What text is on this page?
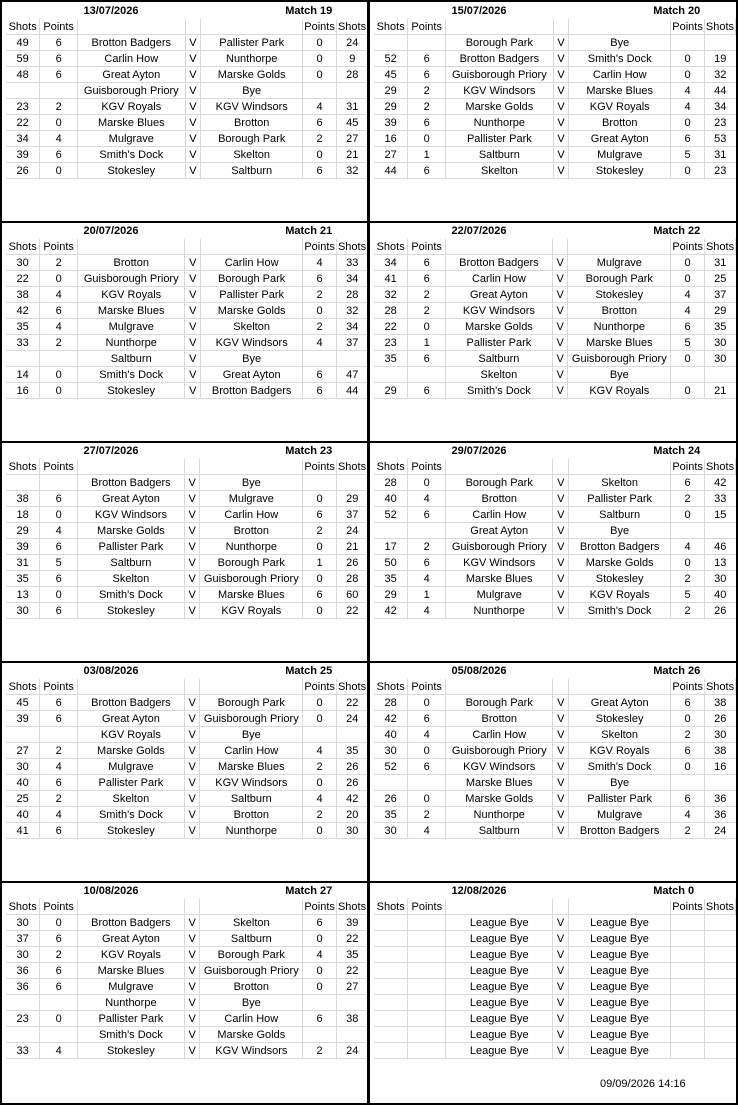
13/07/2026	Match 19
Shots	Points				Points	Shots
49	6	Brotton Badgers	V	Pallister Park	0	24
59	6	Carlin How	V	Nunthorpe	0	9
48	6	Great Ayton	V	Marske Golds	0	28
		Guisborough Priory	V	Bye		
23	2	KGV Royals	V	KGV Windsors	4	31
22	0	Marske Blues	V	Brotton	6	45
34	4	Mulgrave	V	Borough Park	2	27
39	6	Smith's Dock	V	Skelton	0	21
26	0	Stokesley	V	Saltburn	6	32
15/07/2026	Match 20
Shots	Points				Points	Shots
		Borough Park	V	Bye		
52	6	Brotton Badgers	V	Smith's Dock	0	19
45	6	Guisborough Priory	V	Carlin How	0	32
29	2	KGV Windsors	V	Marske Blues	4	44
29	2	Marske Golds	V	KGV Royals	4	34
39	6	Nunthorpe	V	Brotton	0	23
16	0	Pallister Park	V	Great Ayton	6	53
27	1	Saltburn	V	Mulgrave	5	31
44	6	Skelton	V	Stokesley	0	23
20/07/2026	Match 21
Shots	Points				Points	Shots
30	2	Brotton	V	Carlin How	4	33
22	0	Guisborough Priory	V	Borough Park	6	34
38	4	KGV Royals	V	Pallister Park	2	28
42	6	Marske Blues	V	Marske Golds	0	32
35	4	Mulgrave	V	Skelton	2	34
33	2	Nunthorpe	V	KGV Windsors	4	37
		Saltburn	V	Bye		
14	0	Smith's Dock	V	Great Ayton	6	47
16	0	Stokesley	V	Brotton Badgers	6	44
22/07/2026	Match 22
Shots	Points				Points	Shots
34	6	Brotton Badgers	V	Mulgrave	0	31
41	6	Carlin How	V	Borough Park	0	25
32	2	Great Ayton	V	Stokesley	4	37
28	2	KGV Windsors	V	Brotton	4	29
22	0	Marske Golds	V	Nunthorpe	6	35
23	1	Pallister Park	V	Marske Blues	5	30
35	6	Saltburn	V	Guisborough Priory	0	30
		Skelton	V	Bye		
29	6	Smith's Dock	V	KGV Royals	0	21
27/07/2026	Match 23
Shots	Points				Points	Shots
		Brotton Badgers	V	Bye		
38	6	Great Ayton	V	Mulgrave	0	29
18	0	KGV Windsors	V	Carlin How	6	37
29	4	Marske Golds	V	Brotton	2	24
39	6	Pallister Park	V	Nunthorpe	0	21
31	5	Saltburn	V	Borough Park	1	26
35	6	Skelton	V	Guisborough Priory	0	28
13	0	Smith's Dock	V	Marske Blues	6	60
30	6	Stokesley	V	KGV Royals	0	22
29/07/2026	Match 24
Shots	Points				Points	Shots
28	0	Borough Park	V	Skelton	6	42
40	4	Brotton	V	Pallister Park	2	33
52	6	Carlin How	V	Saltburn	0	15
		Great Ayton	V	Bye		
17	2	Guisborough Priory	V	Brotton Badgers	4	46
50	6	KGV Windsors	V	Marske Golds	0	13
35	4	Marske Blues	V	Stokesley	2	30
29	1	Mulgrave	V	KGV Royals	5	40
42	4	Nunthorpe	V	Smith's Dock	2	26
03/08/2026	Match 25
Shots	Points				Points	Shots
45	6	Brotton Badgers	V	Borough Park	0	22
39	6	Great Ayton	V	Guisborough Priory	0	24
		KGV Royals	V	Bye		
27	2	Marske Golds	V	Carlin How	4	35
30	4	Mulgrave	V	Marske Blues	2	26
40	6	Pallister Park	V	KGV Windsors	0	26
25	2	Skelton	V	Saltburn	4	42
40	4	Smith's Dock	V	Brotton	2	20
41	6	Stokesley	V	Nunthorpe	0	30
05/08/2026	Match 26
Shots	Points				Points	Shots
28	0	Borough Park	V	Great Ayton	6	38
42	6	Brotton	V	Stokesley	0	26
40	4	Carlin How	V	Skelton	2	30
30	0	Guisborough Priory	V	KGV Royals	6	38
52	6	KGV Windsors	V	Smith's Dock	0	16
		Marske Blues	V	Bye		
26	0	Marske Golds	V	Pallister Park	6	36
35	2	Nunthorpe	V	Mulgrave	4	36
30	4	Saltburn	V	Brotton Badgers	2	24
10/08/2026	Match 27
Shots	Points				Points	Shots
30	0	Brotton Badgers	V	Skelton	6	39
37	6	Great Ayton	V	Saltburn	0	22
30	2	KGV Royals	V	Borough Park	4	35
36	6	Marske Blues	V	Guisborough Priory	0	22
36	6	Mulgrave	V	Brotton	0	27
		Nunthorpe	V	Bye		
23	0	Pallister Park	V	Carlin How	6	38
		Smith's Dock	V	Marske Golds		
33	4	Stokesley	V	KGV Windsors	2	24
12/08/2026	Match 0
Shots	Points				Points	Shots
		League Bye	V	League Bye		
		League Bye	V	League Bye		
		League Bye	V	League Bye		
		League Bye	V	League Bye		
		League Bye	V	League Bye		
		League Bye	V	League Bye		
		League Bye	V	League Bye		
		League Bye	V	League Bye		
		League Bye	V	League Bye		
09/09/2026 14:16
